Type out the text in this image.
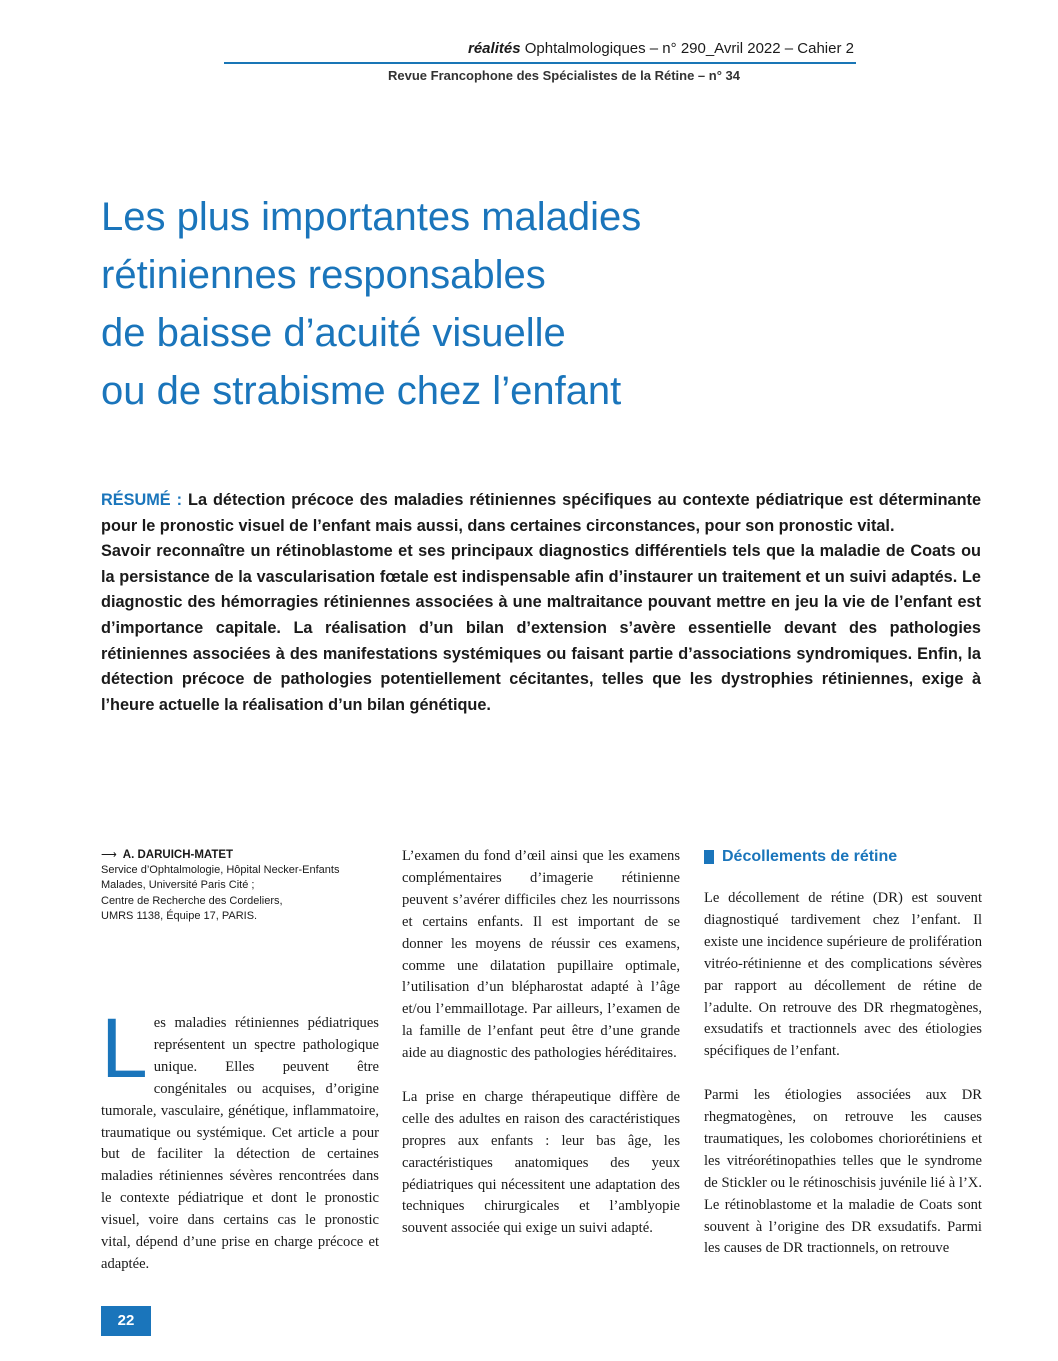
réalités Ophtalmologiques – n° 290_Avril 2022 – Cahier 2
Revue Francophone des Spécialistes de la Rétine – n° 34
Les plus importantes maladies
rétiniennes responsables
de baisse d’acuité visuelle
ou de strabisme chez l’enfant

RÉSUMÉ : La détection précoce des maladies rétiniennes spécifiques au contexte pédiatrique est déterminante pour le pronostic visuel de l’enfant mais aussi, dans certaines circonstances, pour son pronostic vital.

Savoir reconnaître un rétinoblastome et ses principaux diagnostics différentiels tels que la maladie de Coats ou la persistance de la vascularisation fœtale est indispensable afin d’instaurer un traitement et un suivi adaptés. Le diagnostic des hémorragies rétiniennes associées à une maltraitance pouvant mettre en jeu la vie de l’enfant est d’importance capitale. La réalisation d’un bilan d’extension s’avère essentielle devant des pathologies rétiniennes associées à des manifestations systémiques ou faisant partie d’associations syndromiques. Enfin, la détection précoce de pathologies potentiellement cécitantes, telles que les dystrophies rétiniennes, exige à l’heure actuelle la réalisation d’un bilan génétique.

⟶ A. DARUICH-MATET
Service d’Ophtalmologie, Hôpital Necker-Enfants
Malades, Université Paris Cité ;
Centre de Recherche des Cordeliers,
UMRS 1138, Équipe 17, PARIS.
L es maladies rétiniennes pédiatriques représentent un spectre pathologique unique. Elles peuvent être congénitales ou acquises, d’origine tumorale, vasculaire, génétique, inflammatoire, traumatique ou systémique. Cet article a pour but de faciliter la détection de certaines maladies rétiniennes sévères rencontrées dans le contexte pédiatrique et dont le pronostic visuel, voire dans certains cas le pronostic vital, dépend d’une prise en charge précoce et adaptée.

L’examen du fond d’œil ainsi que les examens complémentaires d’imagerie rétinienne peuvent s’avérer difficiles chez les nourrissons et certains enfants. Il est important de se donner les moyens de réussir ces examens, comme une dilatation pupillaire optimale, l’utilisation d’un blépharostat adapté à l’âge et/ou l’emmaillotage. Par ailleurs, l’examen de la famille de l’enfant peut être d’une grande aide au diagnostic des pathologies héréditaires.

La prise en charge thérapeutique diffère de celle des adultes en raison des caractéristiques propres aux enfants : leur bas âge, les caractéristiques anatomiques des yeux pédiatriques qui nécessitent une adaptation des techniques chirurgicales et l’amblyopie souvent associée qui exige un suivi adapté.

Décollements de rétine

Le décollement de rétine (DR) est souvent diagnostiqué tardivement chez l’enfant. Il existe une incidence supérieure de prolifération vitréo-rétinienne et des complications sévères par rapport au décollement de rétine de l’adulte. On retrouve des DR rhegmatogènes, exsudatifs et tractionnels avec des étiologies spécifiques de l’enfant.

Parmi les étiologies associées aux DR rhegmatogènes, on retrouve les causes traumatiques, les colobomes choriorétiniens et les vitréorétinopathies telles que le syndrome de Stickler ou le rétinoschisis juvénile lié à l’X. Le rétinoblastome et la maladie de Coats sont souvent à l’origine des DR exsudatifs. Parmi les causes de DR tractionnels, on retrouve

22
